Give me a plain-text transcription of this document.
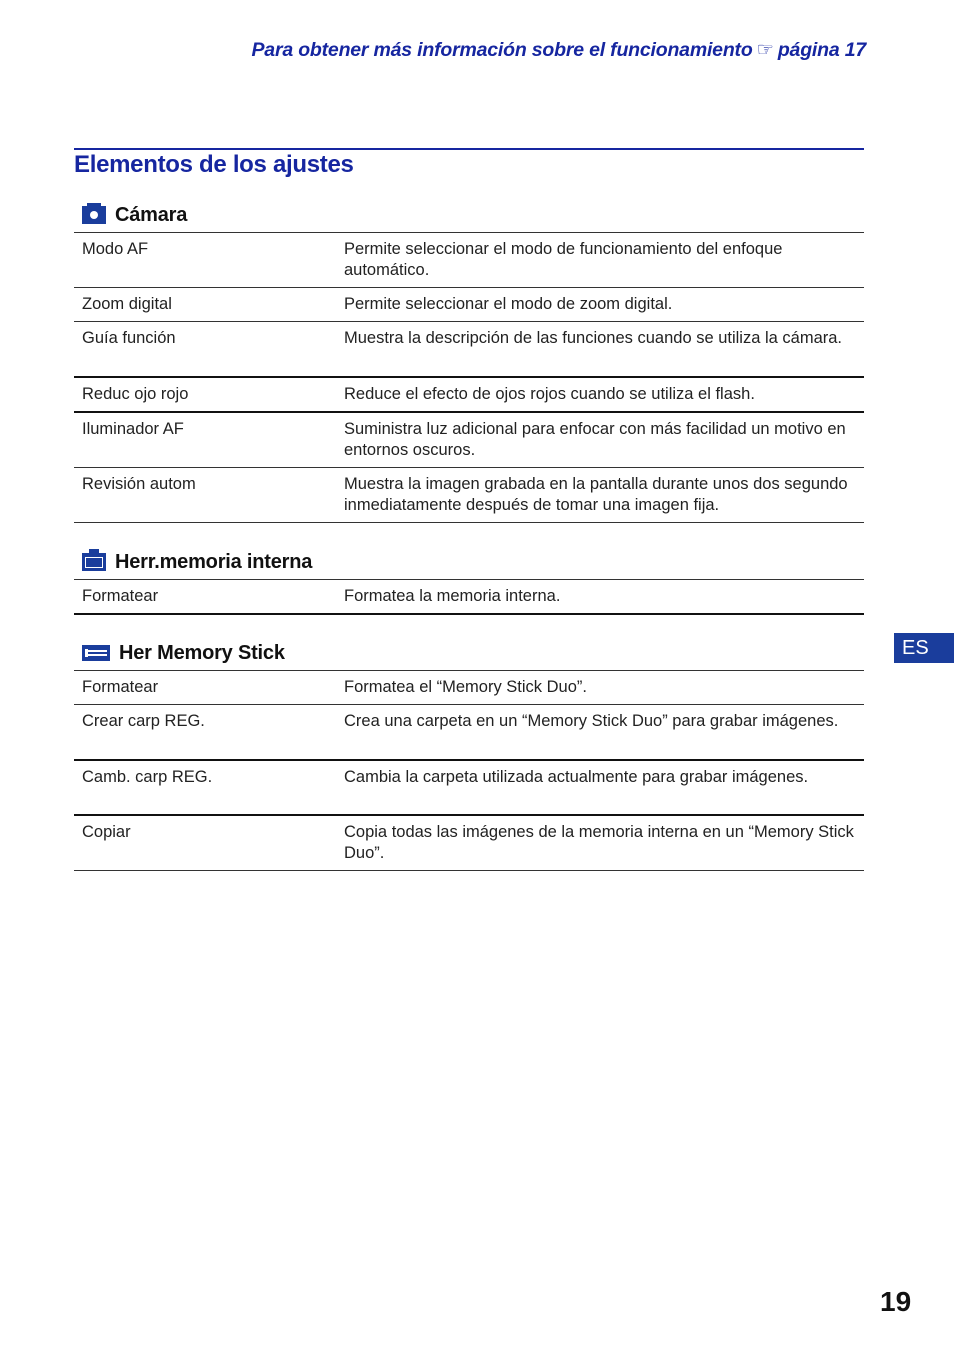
Para obtener más información sobre el funcionamiento ☞ página 17
Elementos de los ajustes
Cámara
Modo AF	Permite seleccionar el modo de funcionamiento del enfoque automático.
Zoom digital	Permite seleccionar el modo de zoom digital.
Guía función	Muestra la descripción de las funciones cuando se utiliza la cámara.
Reduc ojo rojo	Reduce el efecto de ojos rojos cuando se utiliza el flash.
Iluminador AF	Suministra luz adicional para enfocar con más facilidad un motivo en entornos oscuros.
Revisión autom	Muestra la imagen grabada en la pantalla durante unos dos segundo inmediatamente después de tomar una imagen fija.
Herr.memoria interna
Formatear	Formatea la memoria interna.
Her Memory Stick
Formatear	Formatea el “Memory Stick Duo”.
Crear carp REG.	Crea una carpeta en un “Memory Stick Duo” para grabar imágenes.
Camb. carp REG.	Cambia la carpeta utilizada actualmente para grabar imágenes.
Copiar	Copia todas las imágenes de la memoria interna en un “Memory Stick Duo”.
ES
19
